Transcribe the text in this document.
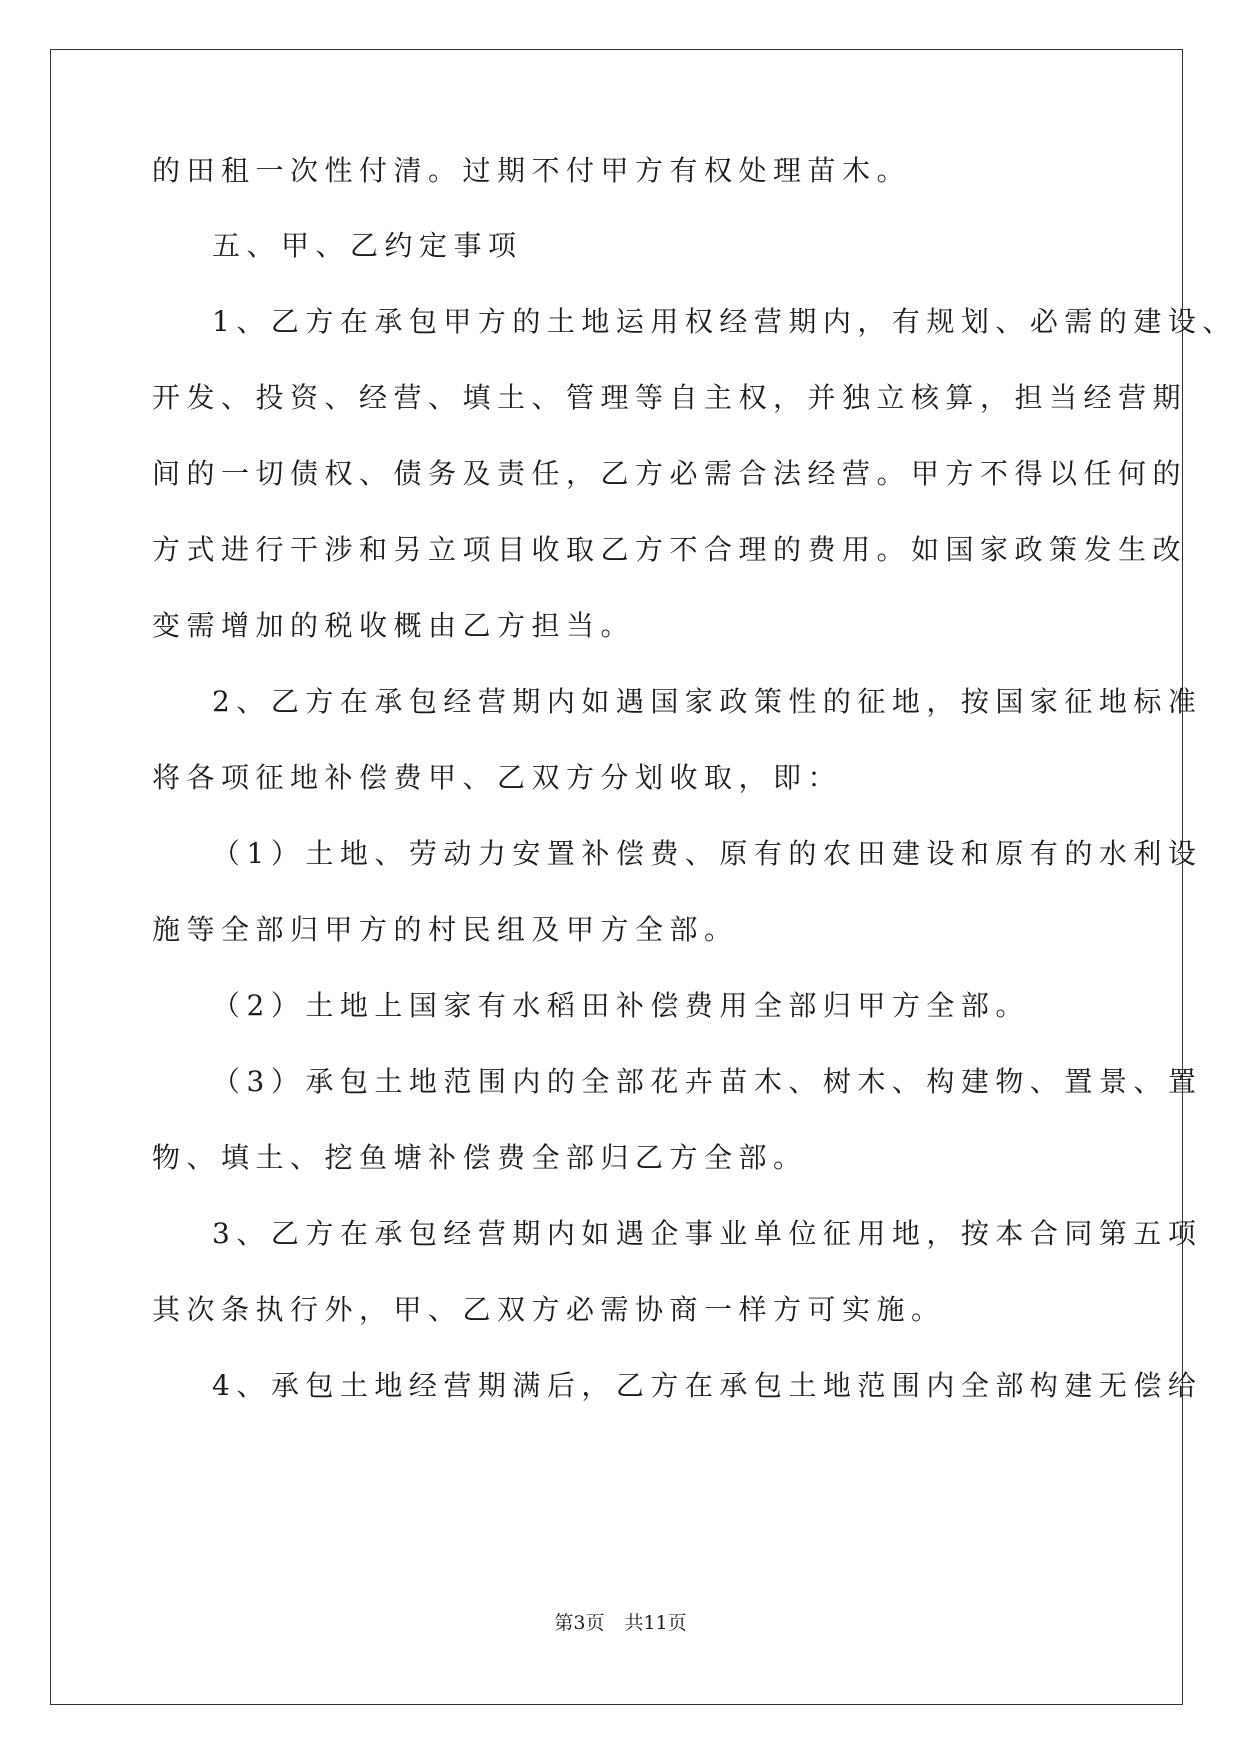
的田租一次性付清。过期不付甲方有权处理苗木。
五、甲、乙约定事项
1、乙方在承包甲方的土地运用权经营期内，有规划、必需的建设、
开发、投资、经营、填土、管理等自主权，并独立核算，担当经营期
间的一切债权、债务及责任，乙方必需合法经营。甲方不得以任何的
方式进行干涉和另立项目收取乙方不合理的费用。如国家政策发生改
变需增加的税收概由乙方担当。
2、乙方在承包经营期内如遇国家政策性的征地，按国家征地标准
将各项征地补偿费甲、乙双方分划收取，即：
（1）土地、劳动力安置补偿费、原有的农田建设和原有的水利设
施等全部归甲方的村民组及甲方全部。
（2）土地上国家有水稻田补偿费用全部归甲方全部。
（3）承包土地范围内的全部花卉苗木、树木、构建物、置景、置
物、填土、挖鱼塘补偿费全部归乙方全部。
3、乙方在承包经营期内如遇企事业单位征用地，按本合同第五项
其次条执行外，甲、乙双方必需协商一样方可实施。
4、承包土地经营期满后，乙方在承包土地范围内全部构建无偿给
第3页 共11页
